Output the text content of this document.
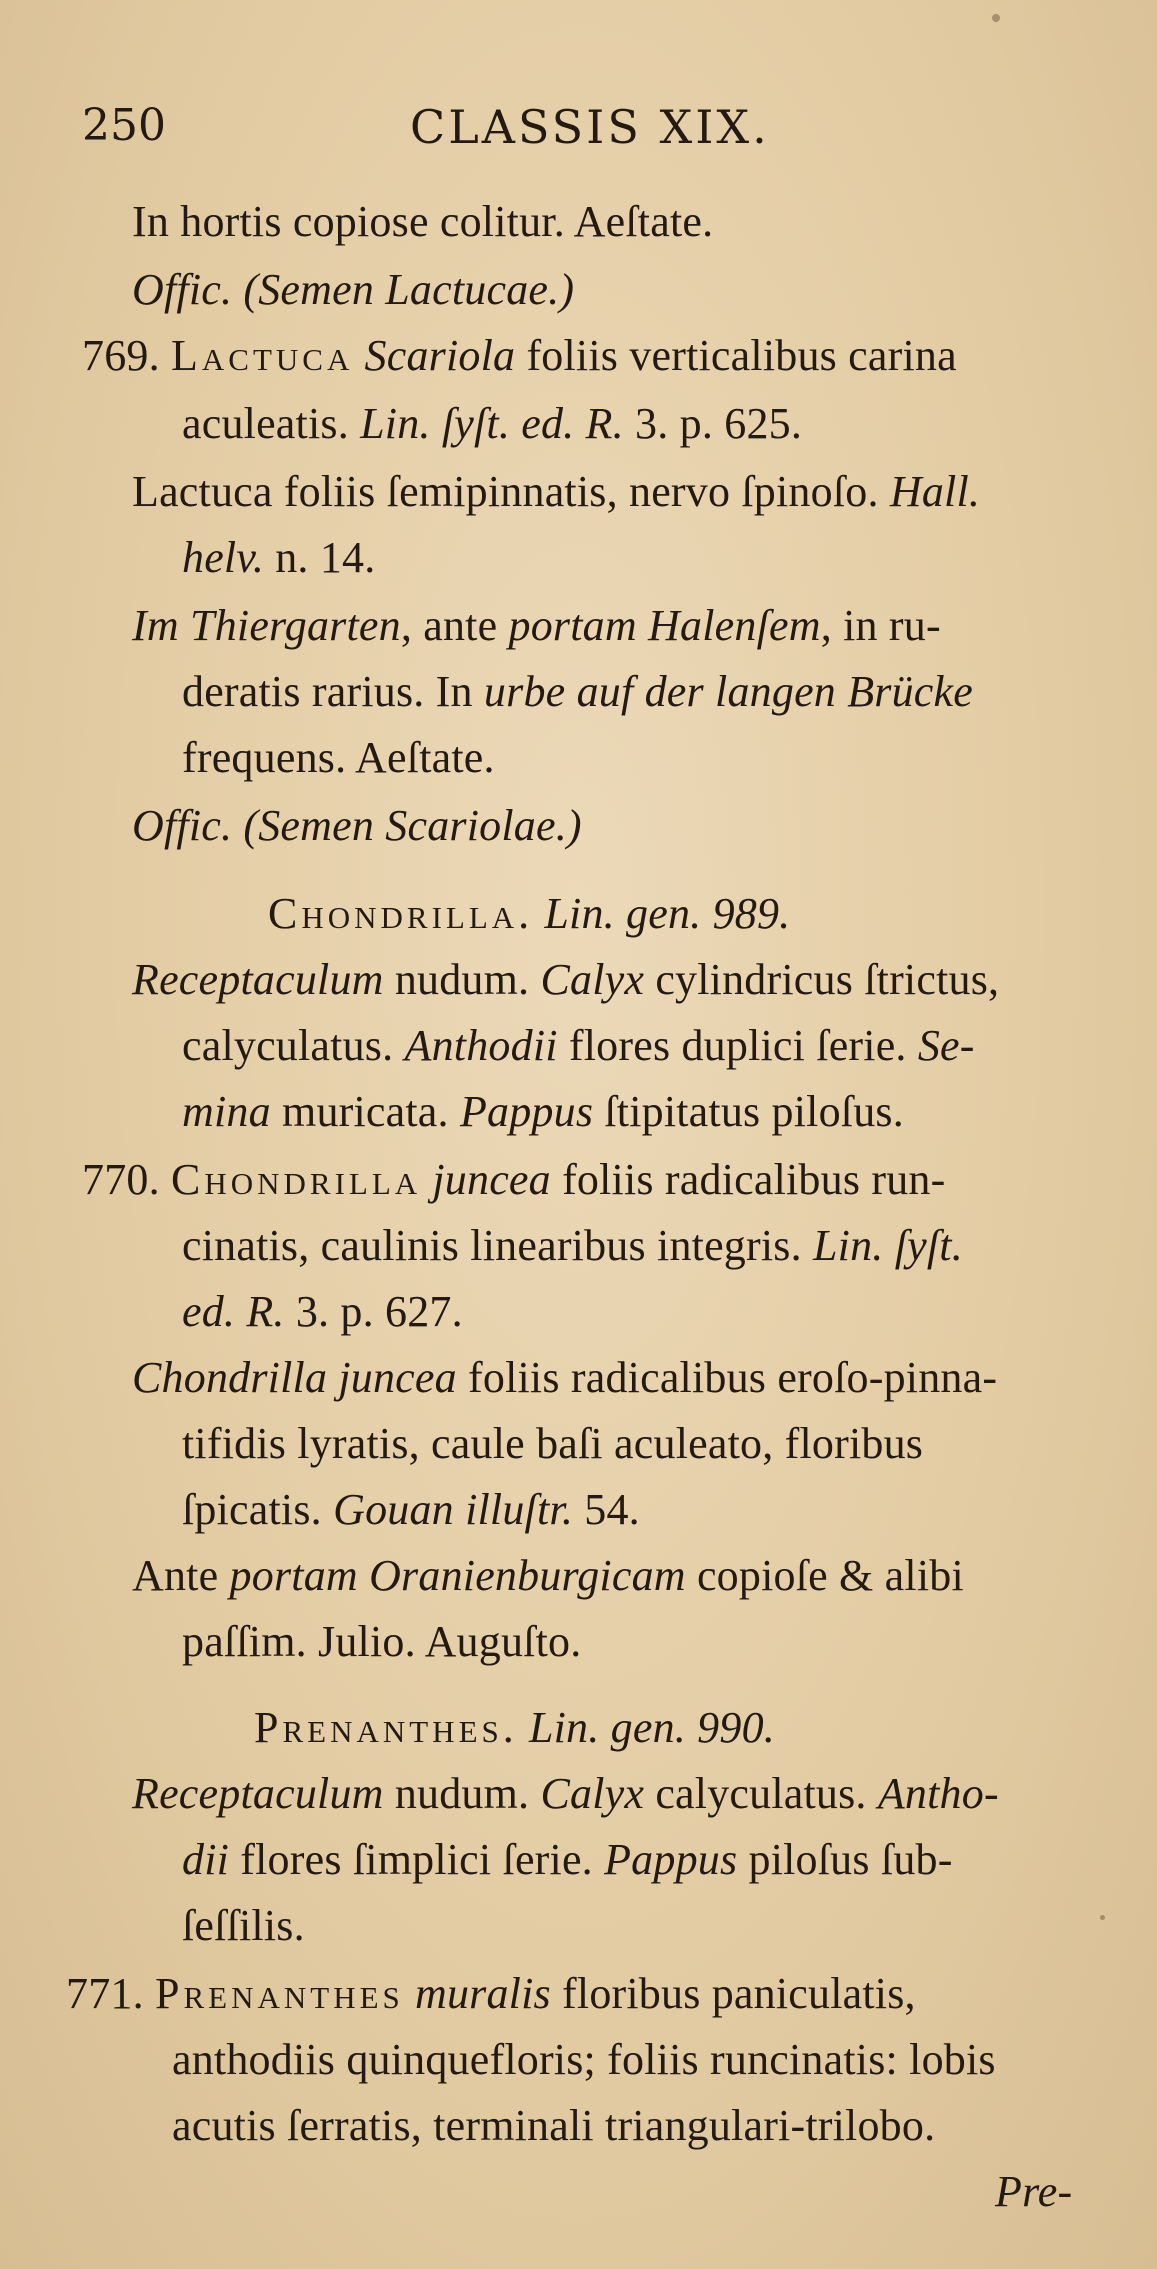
250	CLASSIS XIX.
In hortis copiose colitur. Aeſtate.
Offic. (Semen Lactucae.)
769. Lactuca Scariola foliis verticalibus carina
aculeatis. Lin. ſyſt. ed. R. 3. p. 625.
Lactuca foliis ſemipinnatis, nervo ſpinoſo. Hall.
helv. n. 14.
Im Thiergarten, ante portam Halenſem, in ru-
deratis rarius. In urbe auf der langen Brücke
frequens. Aeſtate.
Offic. (Semen Scariolae.)
Chondrilla. Lin. gen. 989.
Receptaculum nudum. Calyx cylindricus ſtrictus,
calyculatus. Anthodii flores duplici ſerie. Se-
mina muricata. Pappus ſtipitatus piloſus.
770. Chondrilla juncea foliis radicalibus run-
cinatis, caulinis linearibus integris. Lin. ſyſt.
ed. R. 3. p. 627.
Chondrilla juncea foliis radicalibus eroſo-pinna-
tifidis lyratis, caule baſi aculeato, floribus
ſpicatis. Gouan illuſtr. 54.
Ante portam Oranienburgicam copioſe & alibi
paſſim. Julio. Auguſto.
Prenanthes. Lin. gen. 990.
Receptaculum nudum. Calyx calyculatus. Antho-
dii flores ſimplici ſerie. Pappus piloſus ſub-
ſeſſilis.
771. Prenanthes muralis floribus paniculatis,
anthodiis quinquefloris; foliis runcinatis: lobis
acutis ſerratis, terminali triangulari-trilobo.
Pre-
